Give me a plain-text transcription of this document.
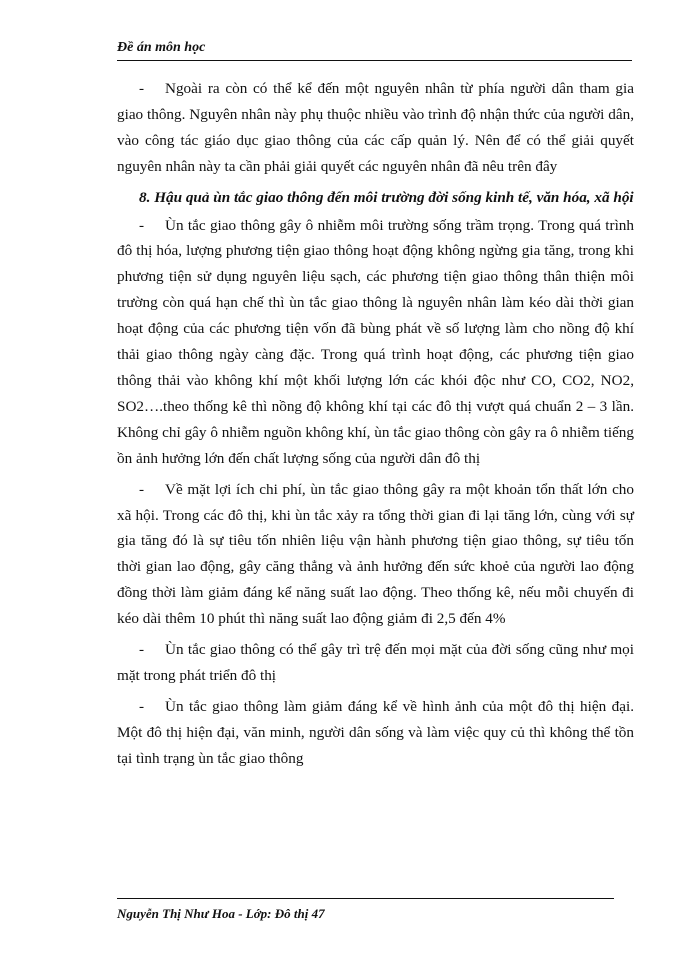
Đề án môn học

- Ngoài ra còn có thể kể đến một nguyên nhân từ phía người dân tham gia giao thông. Nguyên nhân này phụ thuộc nhiều vào trình độ nhận thức của người dân, vào công tác giáo dục giao thông của các cấp quản lý. Nên để có thể giải quyết nguyên nhân này ta cần phải giải quyết các nguyên nhân đã nêu trên đây

8. Hậu quả ùn tắc giao thông đến môi trường đời sống kinh tế, văn hóa, xã hội

- Ùn tắc giao thông gây ô nhiễm môi trường sống trầm trọng. Trong quá trình đô thị hóa, lượng phương tiện giao thông hoạt động không ngừng gia tăng, trong khi phương tiện sử dụng nguyên liệu sạch, các phương tiện giao thông thân thiện môi trường còn quá hạn chế thì ùn tắc giao thông là nguyên nhân làm kéo dài thời gian hoạt động của các phương tiện vốn đã bùng phát về số lượng làm cho nồng độ khí thải giao thông ngày càng đặc. Trong quá trình hoạt động, các phương tiện giao thông thải vào không khí một khối lượng lớn các khói độc như CO, CO2, NO2, SO2….theo thống kê thì nồng độ không khí tại các đô thị vượt quá chuẩn 2 – 3 lần. Không chỉ gây ô nhiễm nguồn không khí, ùn tắc giao thông còn gây ra ô nhiễm tiếng ồn ảnh hưởng lớn đến chất lượng sống của người dân đô thị

- Về mặt lợi ích chi phí, ùn tắc giao thông gây ra một khoản tổn thất lớn cho xã hội. Trong các đô thị, khi ùn tắc xảy ra tổng thời gian đi lại tăng lớn, cùng với sự gia tăng đó là sự tiêu tốn nhiên liệu vận hành phương tiện giao thông, sự tiêu tốn thời gian lao động, gây căng thẳng và ảnh hưởng đến sức khoẻ của người lao động đồng thời làm giảm đáng kể năng suất lao động. Theo thống kê, nếu mỗi chuyến đi kéo dài thêm 10 phút thì năng suất lao động giảm đi 2,5 đến 4%

- Ùn tắc giao thông có thể gây trì trệ đến mọi mặt của đời sống cũng như mọi mặt trong phát triển đô thị

- Ùn tắc giao thông làm giảm đáng kể về hình ảnh của một đô thị hiện đại. Một đô thị hiện đại, văn minh, người dân sống và làm việc quy củ thì không thể tồn tại tình trạng ùn tắc giao thông

Nguyễn Thị Như Hoa - Lớp: Đô thị 47
